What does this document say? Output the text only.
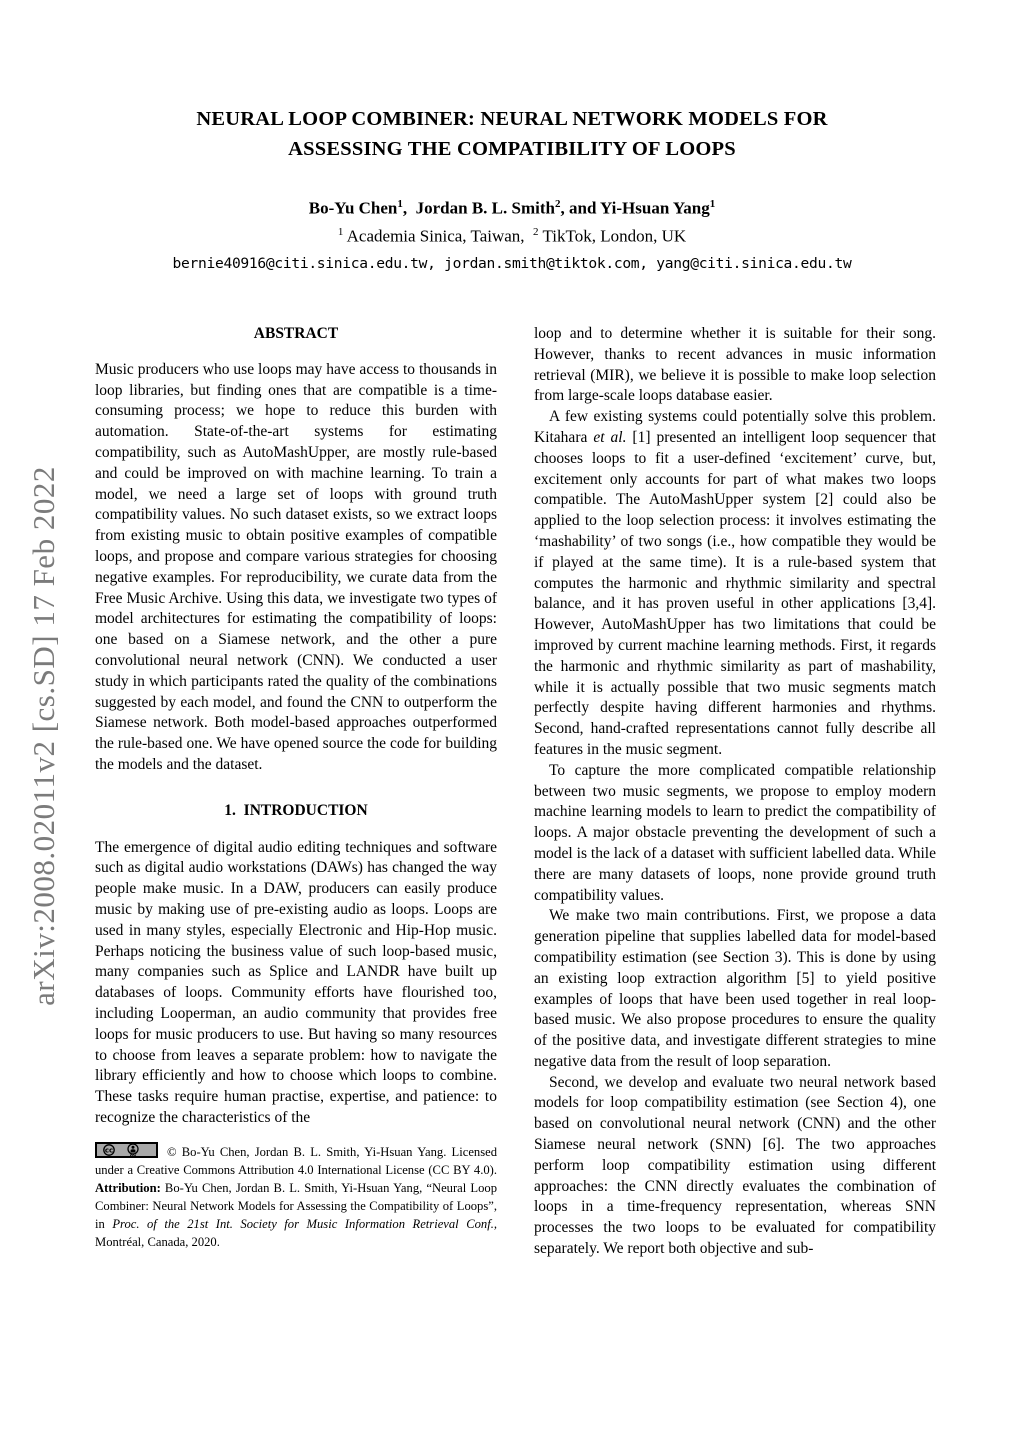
arXiv:2008.02011v2 [cs.SD] 17 Feb 2022
NEURAL LOOP COMBINER: NEURAL NETWORK MODELS FOR
ASSESSING THE COMPATIBILITY OF LOOPS
Bo-Yu Chen$^1$,  Jordan B. L. Smith$^2$, and Yi-Hsuan Yang$^1$
$^1$ Academia Sinica, Taiwan,  $^2$ TikTok, London, UK
bernie40916@citi.sinica.edu.tw, jordan.smith@tiktok.com, yang@citi.sinica.edu.tw
ABSTRACT

Music producers who use loops may have access to thousands in loop libraries, but finding ones that are compatible is a time-consuming process; we hope to reduce this burden with automation. State-of-the-art systems for estimating compatibility, such as AutoMashUpper, are mostly rule-based and could be improved on with machine learning. To train a model, we need a large set of loops with ground truth compatibility values. No such dataset exists, so we extract loops from existing music to obtain positive examples of compatible loops, and propose and compare various strategies for choosing negative examples. For reproducibility, we curate data from the Free Music Archive. Using this data, we investigate two types of model architectures for estimating the compatibility of loops: one based on a Siamese network, and the other a pure convolutional neural network (CNN). We conducted a user study in which participants rated the quality of the combinations suggested by each model, and found the CNN to outperform the Siamese network. Both model-based approaches outperformed the rule-based one. We have opened source the code for building the models and the dataset.

1.  INTRODUCTION

The emergence of digital audio editing techniques and software such as digital audio workstations (DAWs) has changed the way people make music. In a DAW, producers can easily produce music by making use of pre-existing audio as loops. Loops are used in many styles, especially Electronic and Hip-Hop music. Perhaps noticing the business value of such loop-based music, many companies such as Splice and LANDR have built up databases of loops. Community efforts have flourished too, including Looperman, an audio community that provides free loops for music producers to use. But having so many resources to choose from leaves a separate problem: how to navigate the library efficiently and how to choose which loops to combine. These tasks require human practise, expertise, and patience: to recognize the characteristics of the

cc
BY © Bo-Yu Chen, Jordan B. L. Smith, Yi-Hsuan Yang. Licensed under a Creative Commons Attribution 4.0 International License (CC BY 4.0). Attribution: Bo-Yu Chen, Jordan B. L. Smith, Yi-Hsuan Yang, “Neural Loop Combiner: Neural Network Models for Assessing the Compatibility of Loops”, in Proc. of the 21st Int. Society for Music Information Retrieval Conf., Montréal, Canada, 2020.

loop and to determine whether it is suitable for their song. However, thanks to recent advances in music information retrieval (MIR), we believe it is possible to make loop selection from large-scale loops database easier.

A few existing systems could potentially solve this problem. Kitahara et al. [1] presented an intelligent loop sequencer that chooses loops to fit a user-defined ‘excitement’ curve, but, excitement only accounts for part of what makes two loops compatible. The AutoMashUpper system [2] could also be applied to the loop selection process: it involves estimating the ‘mashability’ of two songs (i.e., how compatible they would be if played at the same time). It is a rule-based system that computes the harmonic and rhythmic similarity and spectral balance, and it has proven useful in other applications [3,4]. However, AutoMashUpper has two limitations that could be improved by current machine learning methods. First, it regards the harmonic and rhythmic similarity as part of mashability, while it is actually possible that two music segments match perfectly despite having different harmonies and rhythms. Second, hand-crafted representations cannot fully describe all features in the music segment.

To capture the more complicated compatible relationship between two music segments, we propose to employ modern machine learning models to learn to predict the compatibility of loops. A major obstacle preventing the development of such a model is the lack of a dataset with sufficient labelled data. While there are many datasets of loops, none provide ground truth compatibility values.

We make two main contributions. First, we propose a data generation pipeline that supplies labelled data for model-based compatibility estimation (see Section 3). This is done by using an existing loop extraction algorithm [5] to yield positive examples of loops that have been used together in real loop-based music. We also propose procedures to ensure the quality of the positive data, and investigate different strategies to mine negative data from the result of loop separation.

Second, we develop and evaluate two neural network based models for loop compatibility estimation (see Section 4), one based on convolutional neural network (CNN) and the other Siamese neural network (SNN) [6]. The two approaches perform loop compatibility estimation using different approaches: the CNN directly evaluates the combination of loops in a time-frequency representation, whereas SNN processes the two loops to be evaluated for compatibility separately. We report both objective and sub-
